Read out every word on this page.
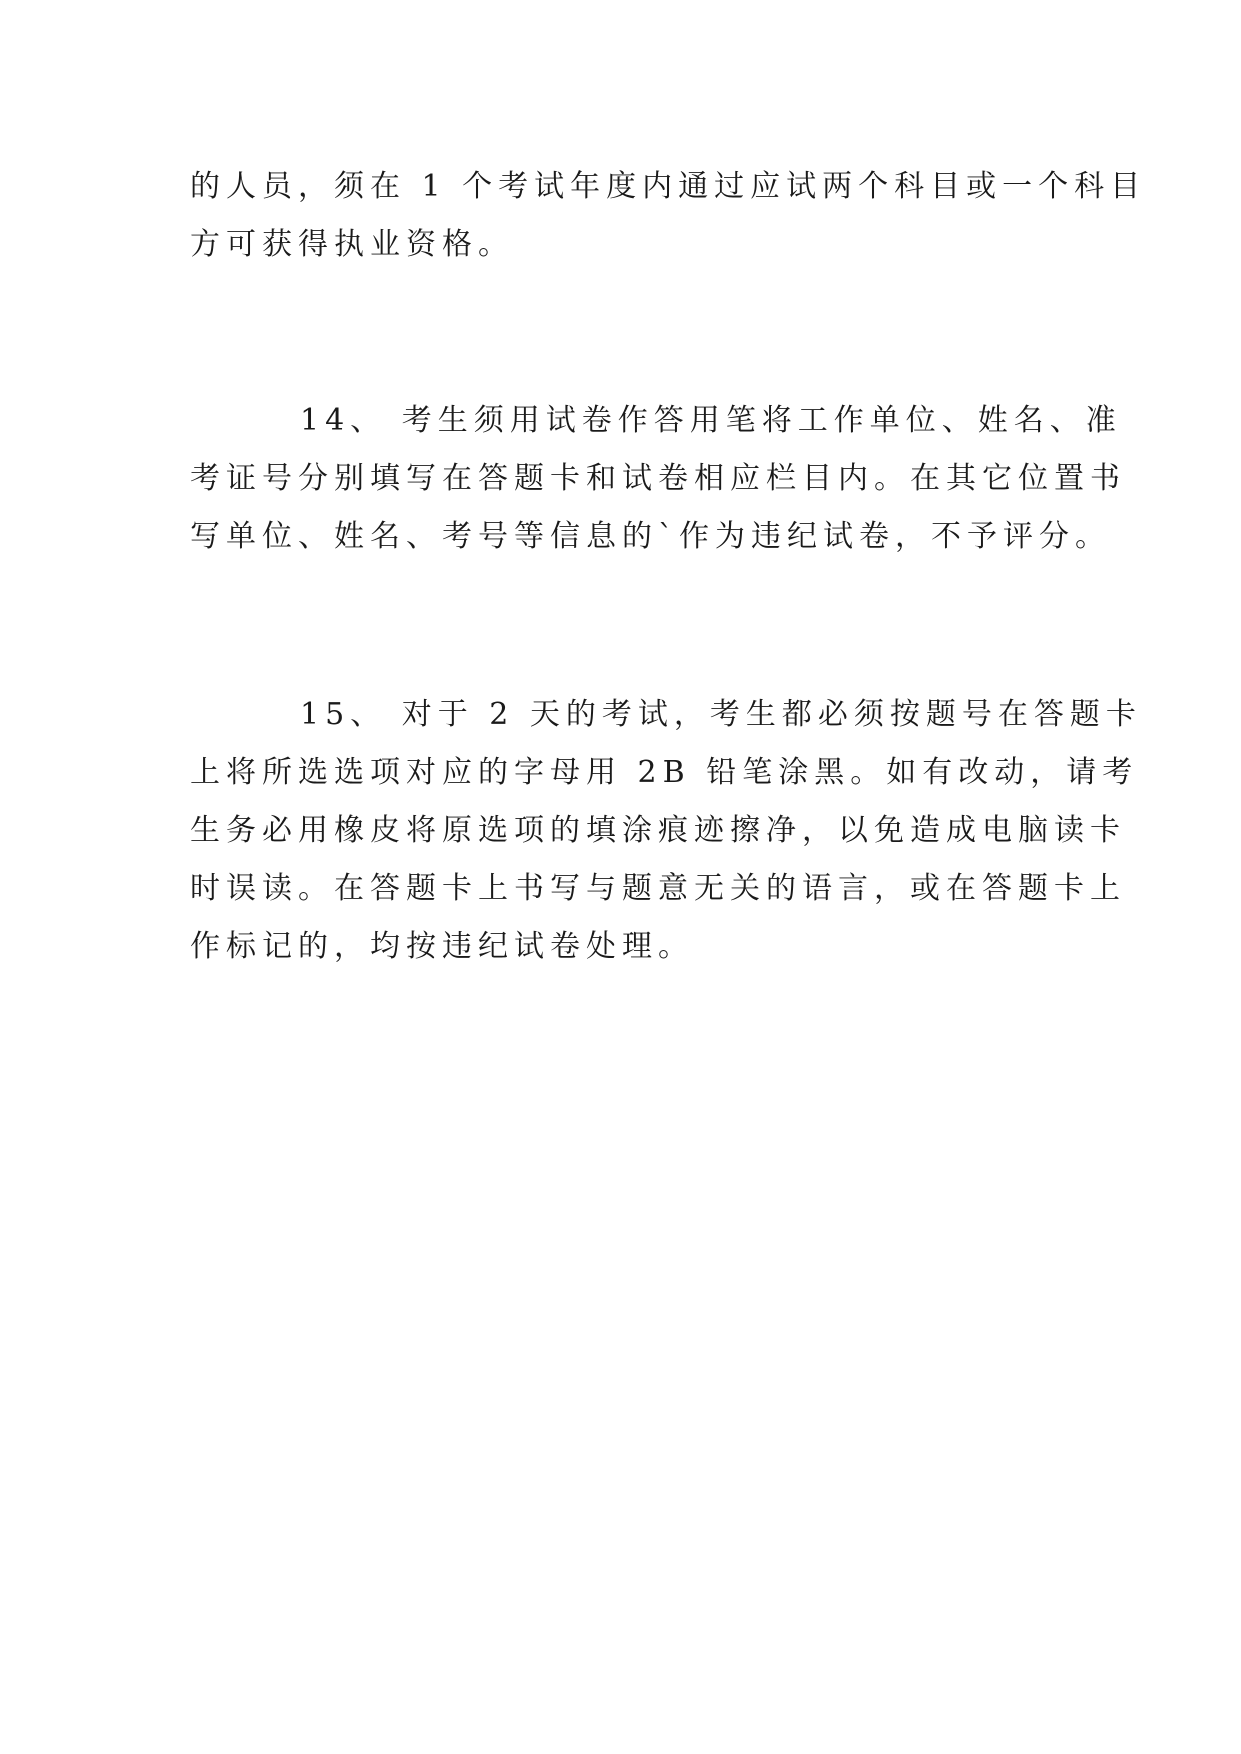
的人员，须在 1 个考试年度内通过应试两个科目或一个科目
方可获得执业资格。
14、 考生须用试卷作答用笔将工作单位、姓名、准
考证号分别填写在答题卡和试卷相应栏目内。在其它位置书
写单位、姓名、考号等信息的`作为违纪试卷，不予评分。
15、 对于 2 天的考试，考生都必须按题号在答题卡
上将所选选项对应的字母用 2B 铅笔涂黑。如有改动，请考
生务必用橡皮将原选项的填涂痕迹擦净，以免造成电脑读卡
时误读。在答题卡上书写与题意无关的语言，或在答题卡上
作标记的，均按违纪试卷处理。
